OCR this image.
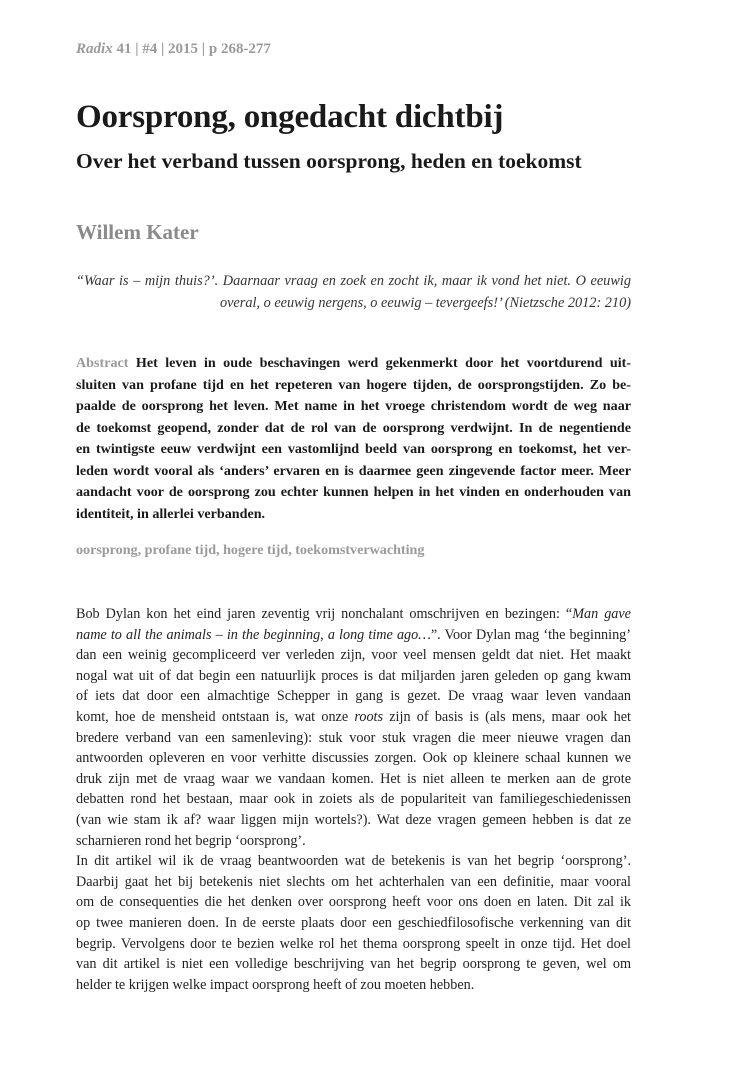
Radix 41 | #4 | 2015 | p 268-277
Oorsprong, ongedacht dichtbij
Over het verband tussen oorsprong, heden en toekomst
Willem Kater
“Waar is – mijn thuis?’. Daarnaar vraag en zoek en zocht ik, maar ik vond het niet. O eeuwig
overal, o eeuwig nergens, o eeuwig – tevergeefs!’ (Nietzsche 2012: 210)
Abstract Het leven in oude beschavingen werd gekenmerkt door het voortdurend uit-
sluiten van profane tijd en het repeteren van hogere tijden, de oorsprongstijden. Zo be-
paalde de oorsprong het leven. Met name in het vroege christendom wordt de weg naar
de toekomst geopend, zonder dat de rol van de oorsprong verdwijnt. In de negentiende
en twintigste eeuw verdwijnt een vastomlijnd beeld van oorsprong en toekomst, het ver-
leden wordt vooral als ‘anders’ ervaren en is daarmee geen zingevende factor meer. Meer
aandacht voor de oorsprong zou echter kunnen helpen in het vinden en onderhouden van
identiteit, in allerlei verbanden.
oorsprong, profane tijd, hogere tijd, toekomstverwachting
Bob Dylan kon het eind jaren zeventig vrij nonchalant omschrijven en bezingen: “Man gave
name to all the animals – in the beginning, a long time ago…”. Voor Dylan mag ‘the beginning’
dan een weinig gecompliceerd ver verleden zijn, voor veel mensen geldt dat niet. Het maakt
nogal wat uit of dat begin een natuurlijk proces is dat miljarden jaren geleden op gang kwam
of iets dat door een almachtige Schepper in gang is gezet. De vraag waar leven vandaan
komt, hoe de mensheid ontstaan is, wat onze roots zijn of basis is (als mens, maar ook het
bredere verband van een samenleving): stuk voor stuk vragen die meer nieuwe vragen dan
antwoorden opleveren en voor verhitte discussies zorgen. Ook op kleinere schaal kunnen we
druk zijn met de vraag waar we vandaan komen. Het is niet alleen te merken aan de grote
debatten rond het bestaan, maar ook in zoiets als de populariteit van familiegeschiedenissen
(van wie stam ik af? waar liggen mijn wortels?). Wat deze vragen gemeen hebben is dat ze
scharnieren rond het begrip ‘oorsprong’.
In dit artikel wil ik de vraag beantwoorden wat de betekenis is van het begrip ‘oorsprong’.
Daarbij gaat het bij betekenis niet slechts om het achterhalen van een definitie, maar vooral
om de consequenties die het denken over oorsprong heeft voor ons doen en laten. Dit zal ik
op twee manieren doen. In de eerste plaats door een geschiedfilosofische verkenning van dit
begrip. Vervolgens door te bezien welke rol het thema oorsprong speelt in onze tijd. Het doel
van dit artikel is niet een volledige beschrijving van het begrip oorsprong te geven, wel om
helder te krijgen welke impact oorsprong heeft of zou moeten hebben.
